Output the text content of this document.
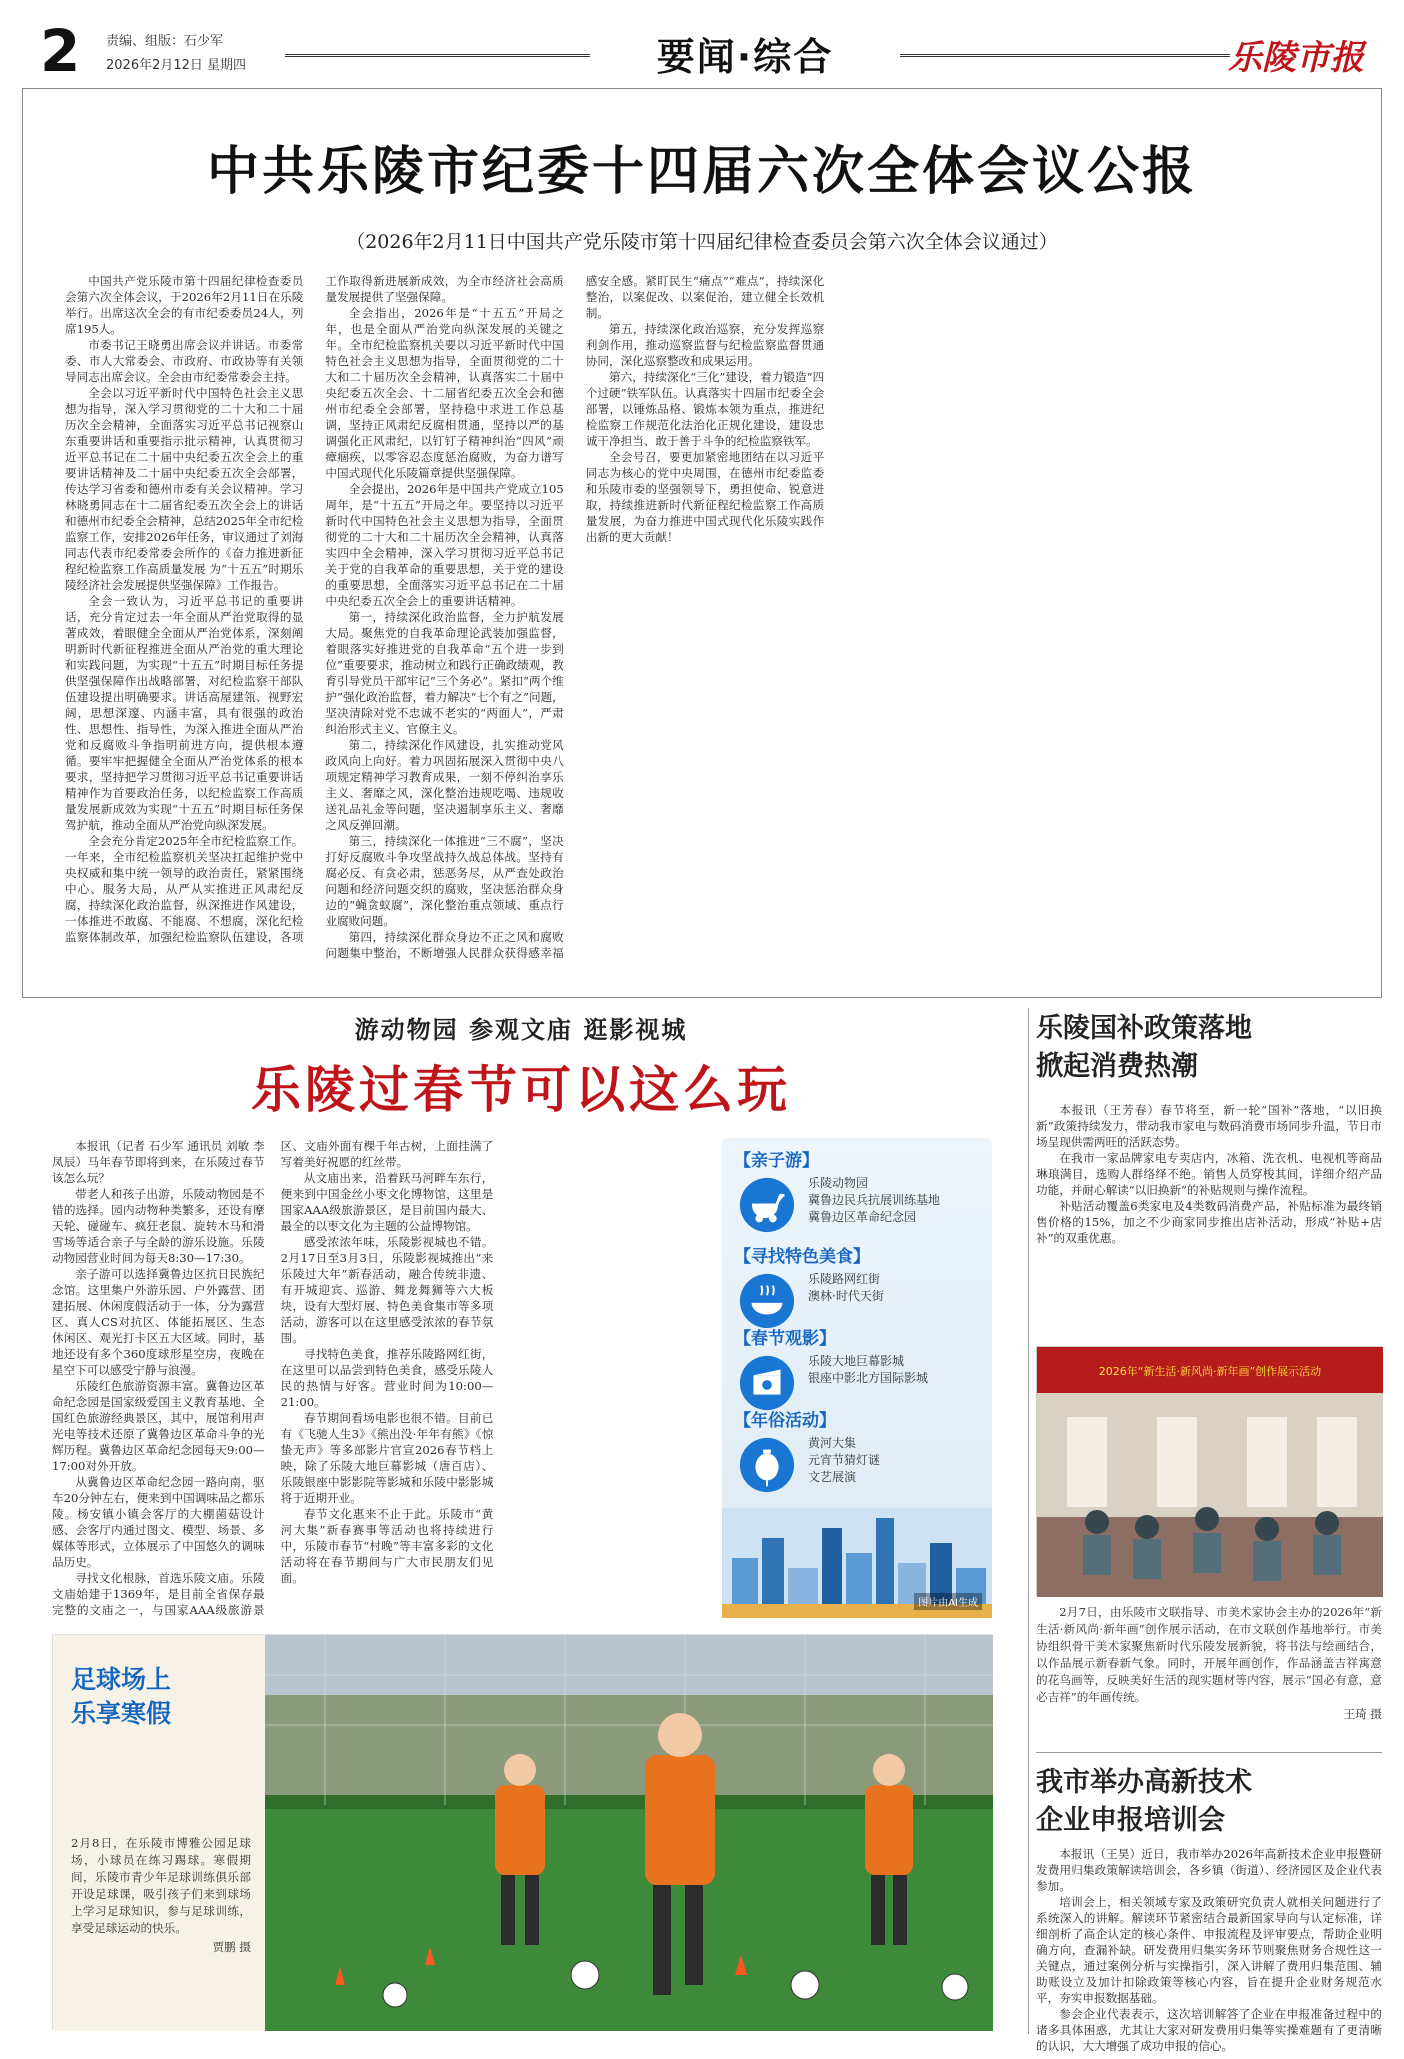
2 责编、组版：石少军
2026年2月12日 星期四	要闻·综合	乐陵市报
中共乐陵市纪委十四届六次全体会议公报
（2026年2月11日中国共产党乐陵市第十四届纪律检查委员会第六次全体会议通过）

中国共产党乐陵市第十四届纪律检查委员会第六次全体会议，于2026年2月11日在乐陵举行。出席这次全会的有市纪委委员24人，列席195人。

市委书记王晓勇出席会议并讲话。市委常委、市人大常委会、市政府、市政协等有关领导同志出席会议。全会由市纪委常委会主持。

全会以习近平新时代中国特色社会主义思想为指导，深入学习贯彻党的二十大和二十届历次全会精神，全面落实习近平总书记视察山东重要讲话和重要指示批示精神，认真贯彻习近平总书记在二十届中央纪委五次全会上的重要讲话精神及二十届中央纪委五次全会部署，传达学习省委和德州市委有关会议精神。学习林晓勇同志在十二届省纪委五次全会上的讲话和德州市纪委全会精神，总结2025年全市纪检监察工作，安排2026年任务，审议通过了刘海同志代表市纪委常委会所作的《奋力推进新征程纪检监察工作高质量发展 为“十五五”时期乐陵经济社会发展提供坚强保障》工作报告。

全会一致认为，习近平总书记的重要讲话，充分肯定过去一年全面从严治党取得的显著成效，着眼健全全面从严治党体系，深刻阐明新时代新征程推进全面从严治党的重大理论和实践问题，为实现“十五五”时期目标任务提供坚强保障作出战略部署，对纪检监察干部队伍建设提出明确要求。讲话高屋建瓴、视野宏阔，思想深邃、内涵丰富，具有很强的政治性、思想性、指导性，为深入推进全面从严治党和反腐败斗争指明前进方向，提供根本遵循。要牢牢把握健全全面从严治党体系的根本要求，坚持把学习贯彻习近平总书记重要讲话精神作为首要政治任务，以纪检监察工作高质量发展新成效为实现“十五五”时期目标任务保驾护航，推动全面从严治党向纵深发展。

全会充分肯定2025年全市纪检监察工作。一年来，全市纪检监察机关坚决扛起维护党中央权威和集中统一领导的政治责任，紧紧围绕中心、服务大局，从严从实推进正风肃纪反腐，持续深化政治监督，纵深推进作风建设，一体推进不敢腐、不能腐、不想腐，深化纪检监察体制改革，加强纪检监察队伍建设，各项工作取得新进展新成效，为全市经济社会高质量发展提供了坚强保障。

全会指出，2026年是“十五五”开局之年，也是全面从严治党向纵深发展的关键之年。全市纪检监察机关要以习近平新时代中国特色社会主义思想为指导，全面贯彻党的二十大和二十届历次全会精神，认真落实二十届中央纪委五次全会、十二届省纪委五次全会和德州市纪委全会部署，坚持稳中求进工作总基调，坚持正风肃纪反腐相贯通，坚持以严的基调强化正风肃纪，以钉钉子精神纠治“四风”顽瘴痼疾，以零容忍态度惩治腐败，为奋力谱写中国式现代化乐陵篇章提供坚强保障。

全会提出，2026年是中国共产党成立105周年，是“十五五”开局之年。要坚持以习近平新时代中国特色社会主义思想为指导，全面贯彻党的二十大和二十届历次全会精神，认真落实四中全会精神，深入学习贯彻习近平总书记关于党的自我革命的重要思想，关于党的建设的重要思想，全面落实习近平总书记在二十届中央纪委五次全会上的重要讲话精神。

第一，持续深化政治监督，全力护航发展大局。聚焦党的自我革命理论武装加强监督，着眼落实好推进党的自我革命“五个进一步到位”重要要求，推动树立和践行正确政绩观，教育引导党员干部牢记“三个务必”。紧扣“两个维护”强化政治监督，着力解决“七个有之”问题，坚决清除对党不忠诚不老实的“两面人”，严肃纠治形式主义、官僚主义。

第二，持续深化作风建设，扎实推动党风政风向上向好。着力巩固拓展深入贯彻中央八项规定精神学习教育成果，一刻不停纠治享乐主义、奢靡之风，深化整治违规吃喝、违规收送礼品礼金等问题，坚决遏制享乐主义、奢靡之风反弹回潮。

第三，持续深化一体推进“三不腐”，坚决打好反腐败斗争攻坚战持久战总体战。坚持有腐必反、有贪必肃，惩恶务尽，从严查处政治问题和经济问题交织的腐败，坚决惩治群众身边的“蝇贪蚁腐”，深化整治重点领域、重点行业腐败问题。

第四，持续深化群众身边不正之风和腐败问题集中整治，不断增强人民群众获得感幸福感安全感。紧盯民生“痛点”“难点”，持续深化整治，以案促改、以案促治，建立健全长效机制。

第五，持续深化政治巡察，充分发挥巡察利剑作用，推动巡察监督与纪检监察监督贯通协同，深化巡察整改和成果运用。

第六，持续深化“三化”建设，着力锻造“四个过硬”铁军队伍。认真落实十四届市纪委全会部署，以锤炼品格、锻炼本领为重点，推进纪检监察工作规范化法治化正规化建设，建设忠诚干净担当、敢于善于斗争的纪检监察铁军。

全会号召，要更加紧密地团结在以习近平同志为核心的党中央周围，在德州市纪委监委和乐陵市委的坚强领导下，勇担使命、锐意进取，持续推进新时代新征程纪检监察工作高质量发展，为奋力推进中国式现代化乐陵实践作出新的更大贡献！

游动物园 参观文庙 逛影视城
乐陵过春节可以这么玩

本报讯（记者 石少军 通讯员 刘敏 李凤辰）马年春节即将到来，在乐陵过春节该怎么玩？

带老人和孩子出游，乐陵动物园是不错的选择。园内动物种类繁多，还设有摩天轮、碰碰车、疯狂老鼠、旋转木马和滑雪场等适合亲子与全龄的游乐设施。乐陵动物园营业时间为每天8:30—17:30。

亲子游可以选择冀鲁边区抗日民族纪念馆。这里集户外游乐园、户外露营、团建拓展、休闲度假活动于一体，分为露营区、真人CS对抗区、体能拓展区、生态休闲区、观光打卡区五大区域。同时，基地还设有多个360度球形星空房，夜晚在星空下可以感受宁静与浪漫。

乐陵红色旅游资源丰富。冀鲁边区革命纪念园是国家级爱国主义教育基地、全国红色旅游经典景区，其中，展馆利用声光电等技术还原了冀鲁边区革命斗争的光辉历程。冀鲁边区革命纪念园每天9:00—17:00对外开放。

从冀鲁边区革命纪念园一路向南，驱车20分钟左右，便来到中国调味品之都乐陵。杨安镇小镇会客厅的大棚菌菇设计感、会客厅内通过图文、模型、场景、多媒体等形式，立体展示了中国悠久的调味品历史。

寻找文化根脉，首选乐陵文庙。乐陵文庙始建于1369年，是目前全省保存最完整的文庙之一，与国家AAA级旅游景区、文庙外面有棵千年古树，上面挂满了写着美好祝愿的红丝带。

从文庙出来，沿着跃马河畔车东行，便来到中国金丝小枣文化博物馆，这里是国家AAA级旅游景区，是目前国内最大、最全的以枣文化为主题的公益博物馆。

感受浓浓年味，乐陵影视城也不错。2月17日至3月3日，乐陵影视城推出“来乐陵过大年”新春活动，融合传统非遗、有开城迎宾、巡游、舞龙舞狮等六大板块，设有大型灯展、特色美食集市等多项活动，游客可以在这里感受浓浓的春节氛围。

寻找特色美食，推荐乐陵路网红街，在这里可以品尝到特色美食，感受乐陵人民的热情与好客。营业时间为10:00—21:00。

春节期间看场电影也很不错。目前已有《飞驰人生3》《熊出没·年年有熊》《惊蛰无声》等多部影片官宣2026春节档上映，除了乐陵大地巨幕影城（唐百店）、乐陵银座中影影院等影城和乐陵中影影城将于近期开业。

春节文化惠来不止于此。乐陵市“黄河大集”新春赛事等活动也将持续进行中，乐陵市春节“村晚”等丰富多彩的文化活动将在春节期间与广大市民朋友们见面。

【亲子游】
乐陵动物园
冀鲁边民兵抗展训练基地
冀鲁边区革命纪念园
【寻找特色美食】
乐陵路网红街
澳林·时代天街
【春节观影】
乐陵大地巨幕影城
银座中影北方国际影城
【年俗活动】
黄河大集
元宵节猜灯谜
文艺展演
图片由AI生成
足球场上
乐享寒假
2月8日，在乐陵市博雅公园足球场，小球员在练习踢球。寒假期间，乐陵市青少年足球训练俱乐部开设足球课，吸引孩子们来到球场上学习足球知识，参与足球训练，享受足球运动的快乐。
贾鹏 摄
乐陵国补政策落地
掀起消费热潮

本报讯（王芳春）春节将至，新一轮“国补”落地，“以旧换新”政策持续发力，带动我市家电与数码消费市场同步升温，节日市场呈现供需两旺的活跃态势。

在我市一家品牌家电专卖店内，冰箱、洗衣机、电视机等商品琳琅满目，选购人群络绎不绝。销售人员穿梭其间，详细介绍产品功能，并耐心解读“以旧换新”的补贴规则与操作流程。

补贴活动覆盖6类家电及4类数码消费产品，补贴标准为最终销售价格的15%，加之不少商家同步推出店补活动，形成“补贴+店补”的双重优惠。

2026年“新生活·新风尚·新年画”创作展示活动
2月7日，由乐陵市文联指导、市美术家协会主办的2026年“新生活·新风尚·新年画”创作展示活动，在市文联创作基地举行。市美协组织骨干美术家聚焦新时代乐陵发展新貌，将书法与绘画结合，以作品展示新春新气象。同时，开展年画创作，作品涵盖吉祥寓意的花鸟画等，反映美好生活的现实题材等内容，展示“国必有意，意必吉祥”的年画传统。
王琦 摄
我市举办高新技术
企业申报培训会

本报讯（王昊）近日，我市举办2026年高新技术企业申报暨研发费用归集政策解读培训会，各乡镇（街道）、经济园区及企业代表参加。

培训会上，相关领域专家及政策研究负责人就相关问题进行了系统深入的讲解。解读环节紧密结合最新国家导向与认定标准，详细剖析了高企认定的核心条件、申报流程及评审要点，帮助企业明确方向，查漏补缺。研发费用归集实务环节则聚焦财务合规性这一关键点，通过案例分析与实操指引，深入讲解了费用归集范围、辅助账设立及加计扣除政策等核心内容，旨在提升企业财务规范水平，夯实申报数据基础。

参会企业代表表示，这次培训解答了企业在申报准备过程中的诸多具体困惑，尤其让大家对研发费用归集等实操难题有了更清晰的认识，大大增强了成功申报的信心。
